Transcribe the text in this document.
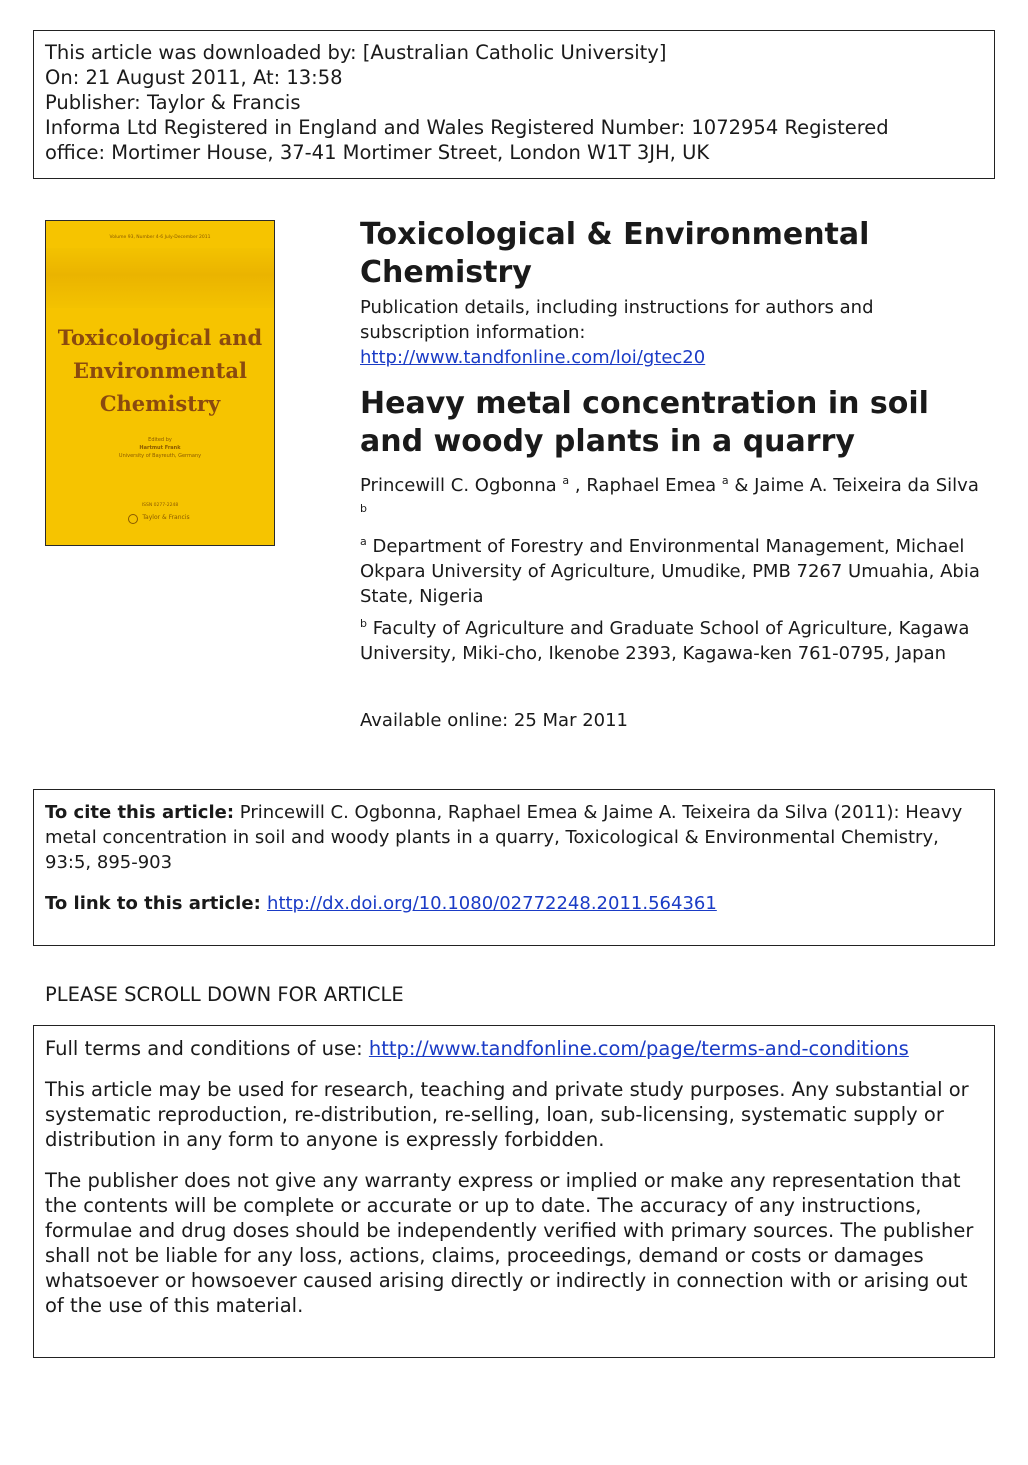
This article was downloaded by: [Australian Catholic University]
On: 21 August 2011, At: 13:58
Publisher: Taylor & Francis
Informa Ltd Registered in England and Wales Registered Number: 1072954 Registered
office: Mortimer House, 37-41 Mortimer Street, London W1T 3JH, UK
Volume 93, Number 4-6 July-December 2011
Toxicological and
Environmental
Chemistry
Edited by
Hartmut Frank
University of Bayreuth, Germany
ISSN 0277-2248
Taylor & Francis
Toxicological & Environmental Chemistry
Publication details, including instructions for authors and subscription information:
http://www.tandfonline.com/loi/gtec20
Heavy metal concentration in soil and woody plants in a quarry
Princewill C. Ogbonna $^a$ , Raphael Emea $^a$ & Jaime A. Teixeira da Silva $^b$
$^a$ Department of Forestry and Environmental Management, Michael Okpara University of Agriculture, Umudike, PMB 7267 Umuahia, Abia State, Nigeria
$^b$ Faculty of Agriculture and Graduate School of Agriculture, Kagawa University, Miki-cho, Ikenobe 2393, Kagawa-ken 761-0795, Japan
Available online: 25 Mar 2011
To cite this article: Princewill C. Ogbonna, Raphael Emea & Jaime A. Teixeira da Silva (2011): Heavy metal concentration in soil and woody plants in a quarry, Toxicological & Environmental Chemistry, 93:5, 895-903
To link to this article: http://dx.doi.org/10.1080/02772248.2011.564361
PLEASE SCROLL DOWN FOR ARTICLE

Full terms and conditions of use: http://www.tandfonline.com/page/terms-and-conditions

This article may be used for research, teaching and private study purposes. Any substantial or systematic reproduction, re-distribution, re-selling, loan, sub-licensing, systematic supply or distribution in any form to anyone is expressly forbidden.

The publisher does not give any warranty express or implied or make any representation that the contents will be complete or accurate or up to date. The accuracy of any instructions, formulae and drug doses should be independently verified with primary sources. The publisher shall not be liable for any loss, actions, claims, proceedings, demand or costs or damages whatsoever or howsoever caused arising directly or indirectly in connection with or arising out of the use of this material.
